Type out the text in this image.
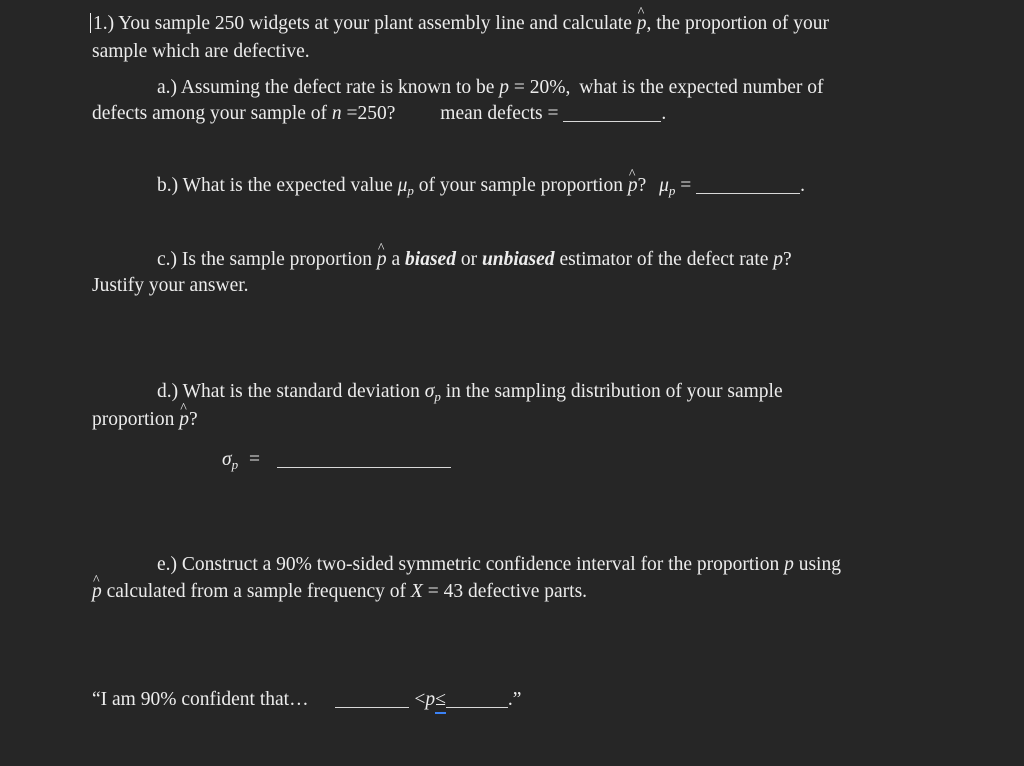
1.) You sample 250 widgets at your plant assembly line and calculate p ^, the proportion of your
sample which are defective.
a.) Assuming the defect rate is known to be p = 20%, what is the expected number of
defects among your sample of n =250? mean defects =	.
b.) What is the expected value $\mu_p$ of your sample proportion p ^? $\mu_p$ =	.
c.) Is the sample proportion p ^ a biased or unbiased estimator of the defect rate p?
Justify your answer.
d.) What is the standard deviation $\sigma_p$ in the sampling distribution of your sample
proportion p ^?
$\sigma_p$ =
e.) Construct a 90% two-sided symmetric confidence interval for the proportion p using
p ^ calculated from a sample frequency of X = 43 defective parts.
“I am 90% confident that…	<p≤	.”
